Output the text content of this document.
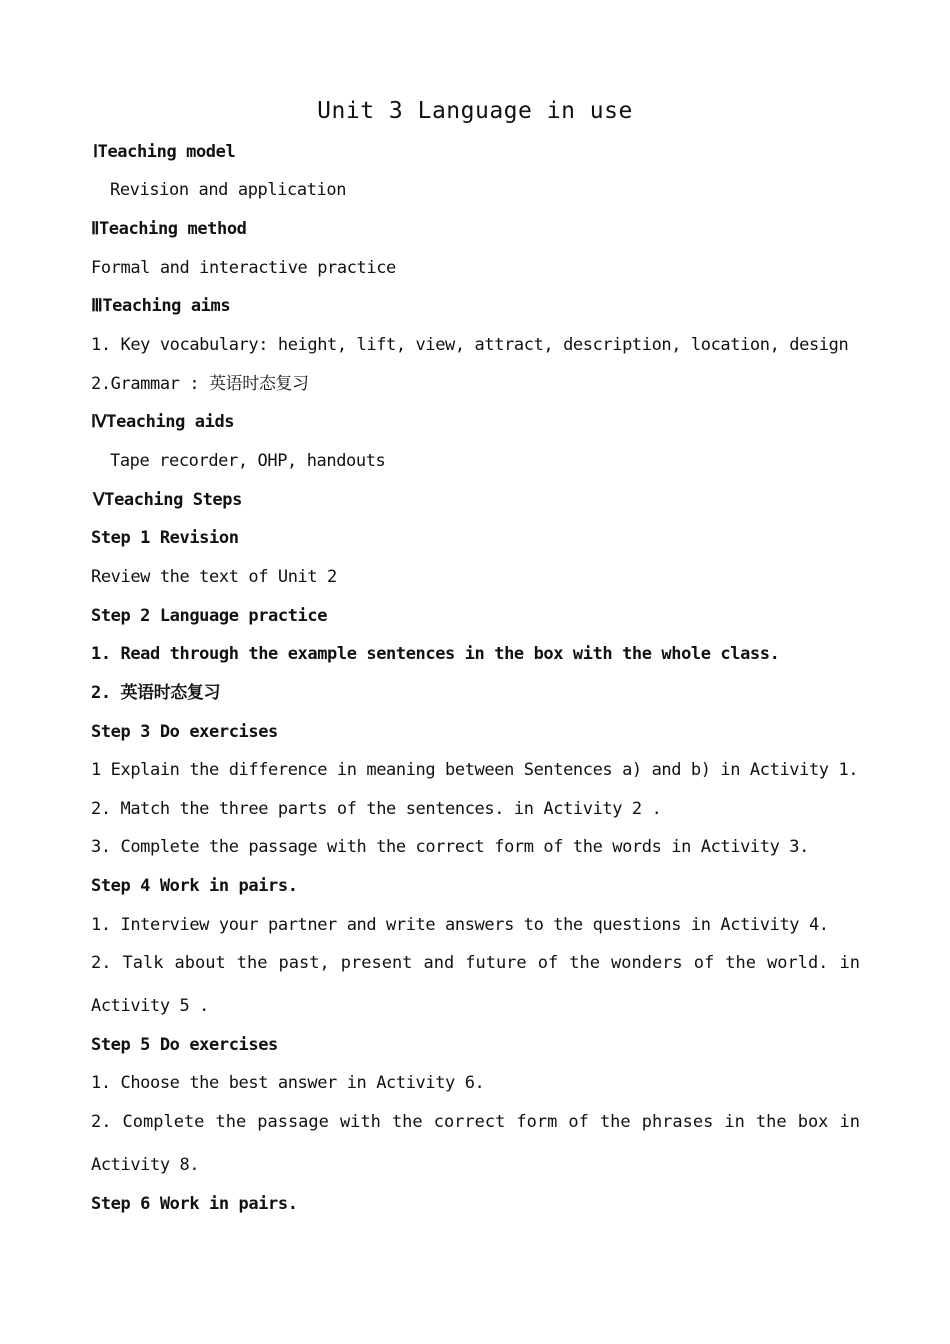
Unit 3 Language in use
ⅠTeaching model
Revision and application
ⅡTeaching method
Formal and interactive practice
ⅢTeaching aims
1. Key vocabulary: height, lift, view, attract, description, location, design
2.Grammar : 英语时态复习
ⅣTeaching aids
Tape recorder, OHP, handouts
ⅤTeaching Steps
Step 1 Revision
Review the text of Unit 2
Step 2 Language practice
1. Read through the example sentences in the box with the whole class.
2. 英语时态复习
Step 3 Do exercises
1 Explain the difference in meaning between Sentences a) and b) in Activity 1.
2. Match the three parts of the sentences. in Activity 2 .
3. Complete the passage with the correct form of the words in Activity 3.
Step 4 Work in pairs.
1. Interview your partner and write answers to the questions in Activity 4.
2. Talk about the past, present and future of the wonders of the world. in
Activity 5 .
Step 5 Do exercises
1. Choose the best answer in Activity 6.
2. Complete the passage with the correct form of the phrases in the box in
Activity 8.
Step 6 Work in pairs.
